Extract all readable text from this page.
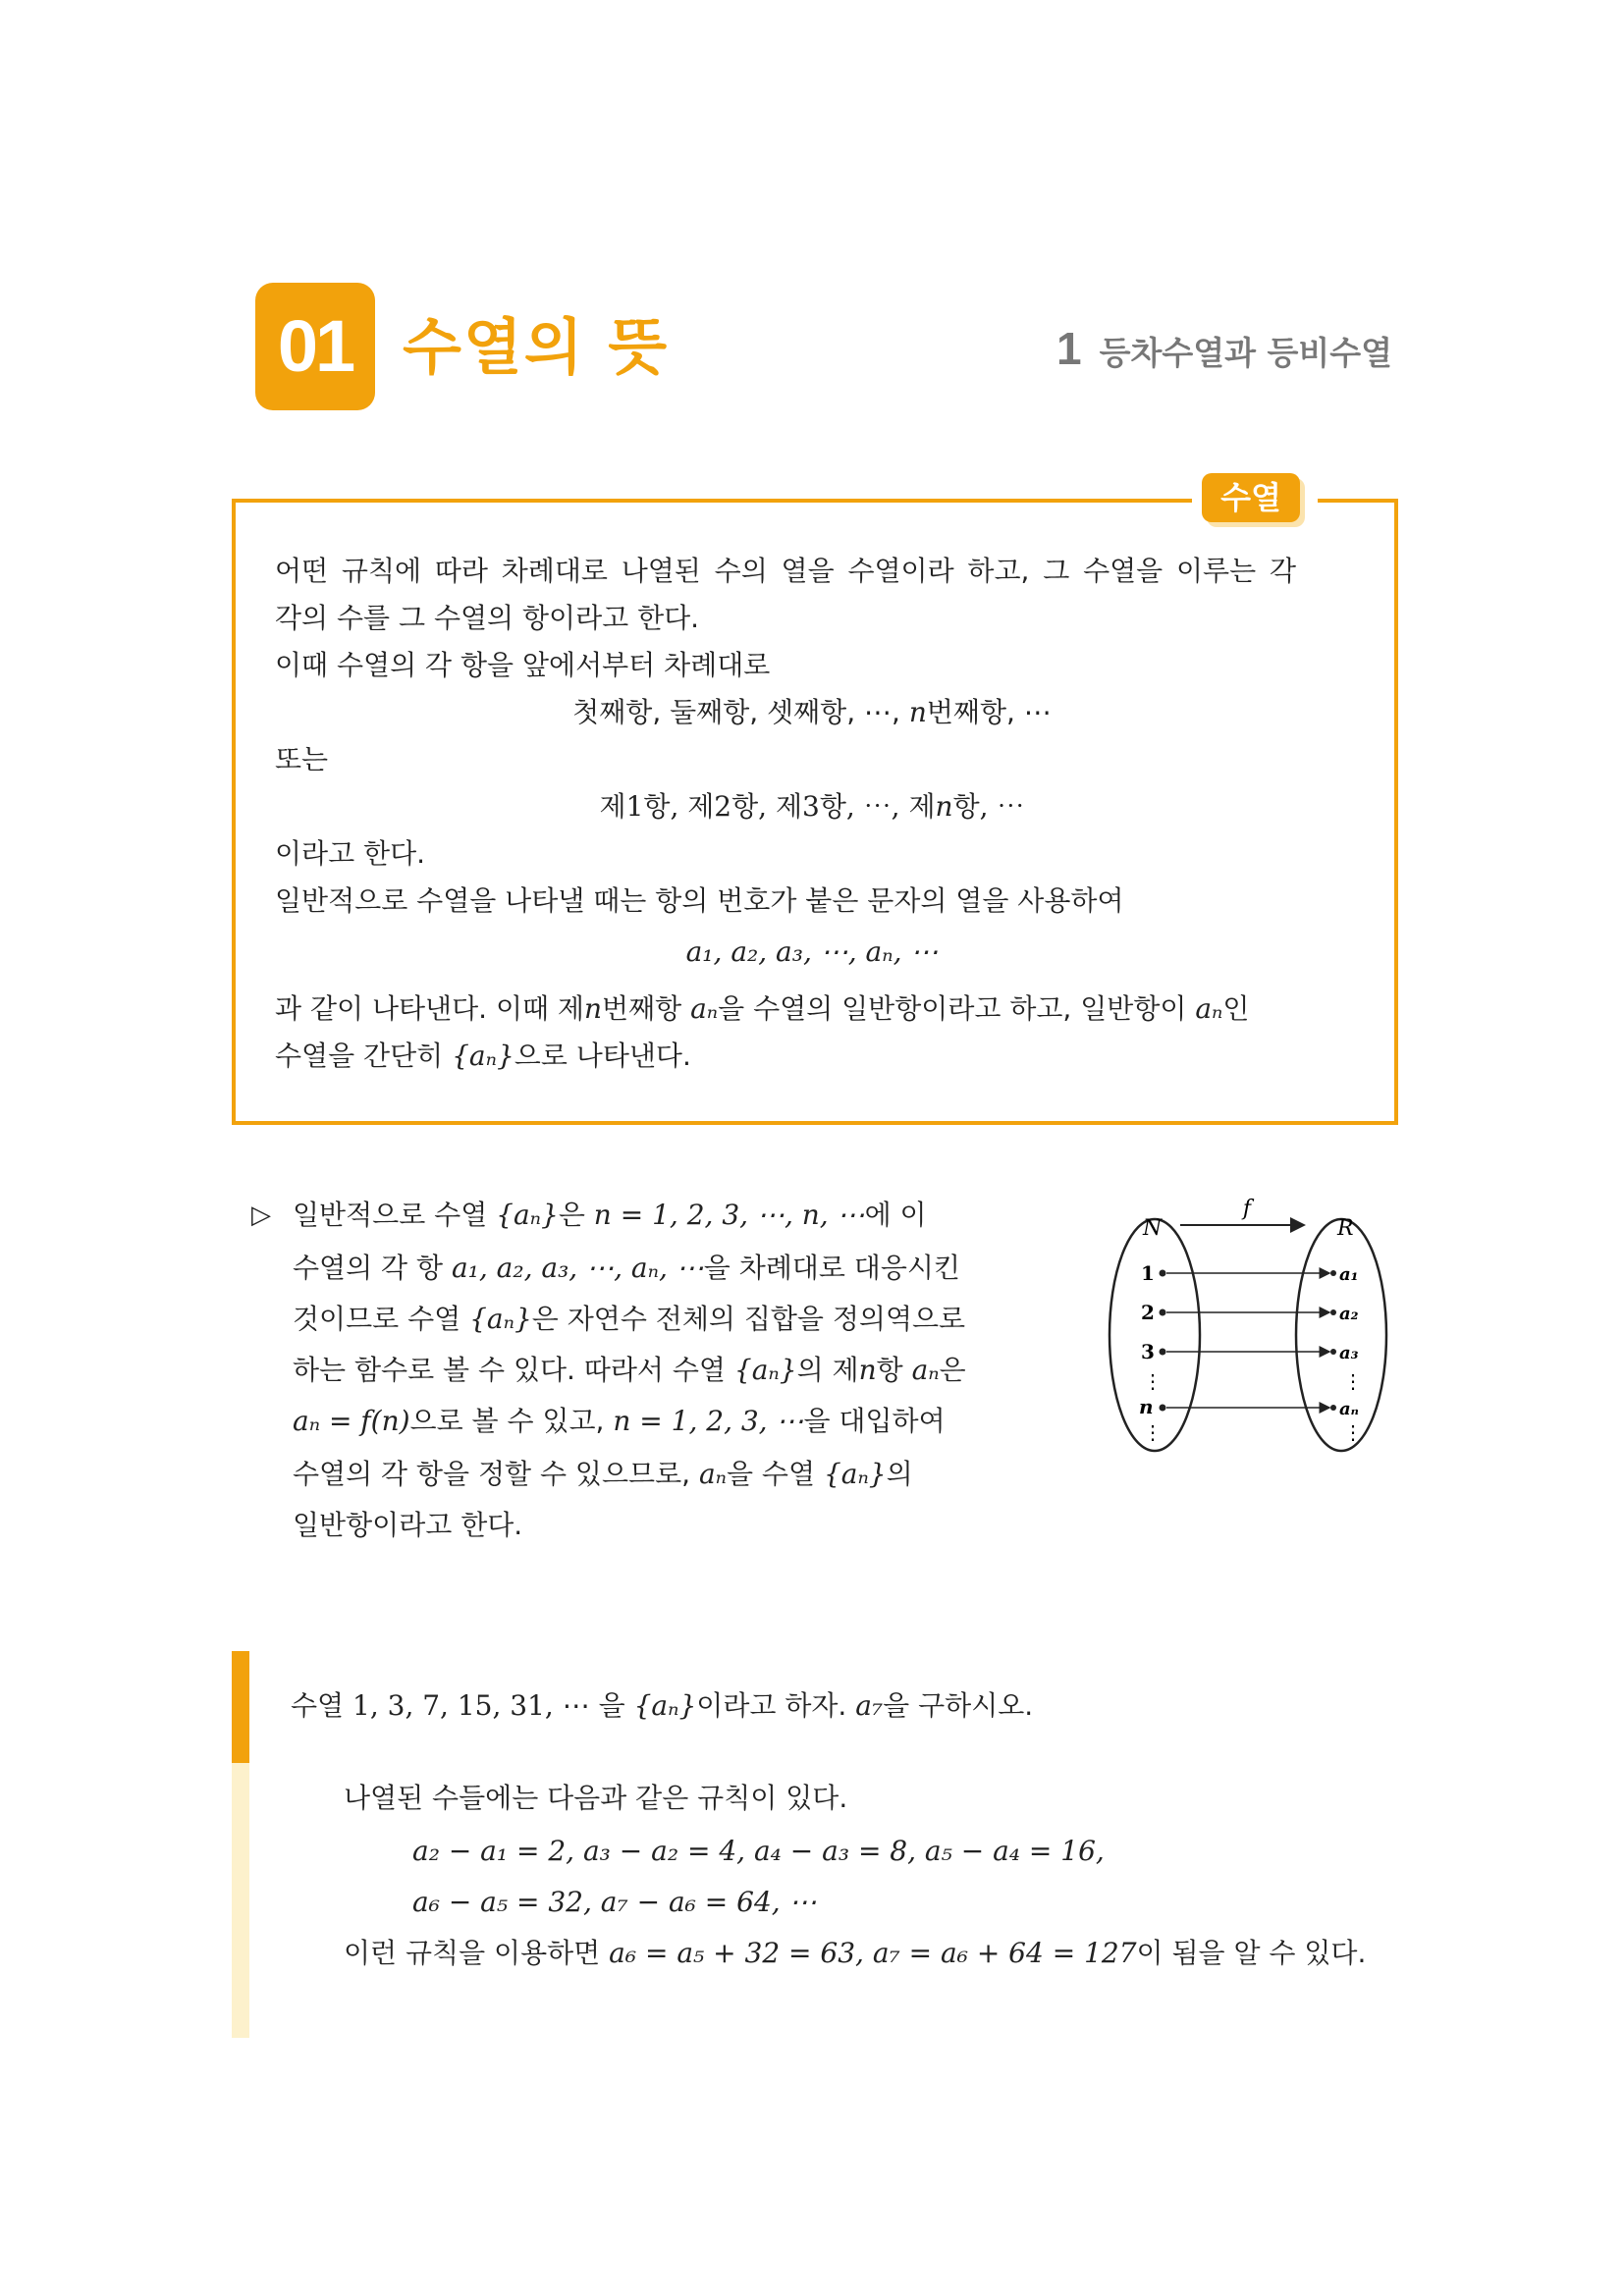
01 수열의 뜻	1 등차수열과 등비수열
수열
어떤 규칙에 따라 차례대로 나열된 수의 열을 수열이라 하고, 그 수열을 이루는 각
각의 수를 그 수열의 항이라고 한다.
이때 수열의 각 항을 앞에서부터 차례대로
첫째항, 둘째항, 셋째항, ⋯, n번째항, ⋯
또는
제1항, 제2항, 제3항, ⋯, 제n항, ⋯
이라고 한다.
일반적으로 수열을 나타낼 때는 항의 번호가 붙은 문자의 열을 사용하여
a₁, a₂, a₃, ⋯, aₙ, ⋯
과 같이 나타낸다. 이때 제n번째항 aₙ을 수열의 일반항이라고 하고, 일반항이 aₙ인
수열을 간단히 {aₙ}으로 나타낸다.
▷ 일반적으로 수열 {aₙ}은 n = 1, 2, 3, ⋯, n, ⋯에 이
수열의 각 항 a₁, a₂, a₃, ⋯, aₙ, ⋯을 차례대로 대응시킨
것이므로 수열 {aₙ}은 자연수 전체의 집합을 정의역으로
하는 함수로 볼 수 있다. 따라서 수열 {aₙ}의 제n항 aₙ은
aₙ = f(n)으로 볼 수 있고, n = 1, 2, 3, ⋯을 대입하여
수열의 각 항을 정할 수 있으므로, aₙ을 수열 {aₙ}의
일반항이라고 한다.
f
N	R
1	a₁
2	a₂
3	a₃
⋮	⋮
n	aₙ
⋮	⋮
수열 1, 3, 7, 15, 31, ⋯ 을 {aₙ}이라고 하자. a₇을 구하시오.
나열된 수들에는 다음과 같은 규칙이 있다.
a₂ − a₁ = 2, a₃ − a₂ = 4, a₄ − a₃ = 8, a₅ − a₄ = 16,
a₆ − a₅ = 32, a₇ − a₆ = 64, ⋯
이런 규칙을 이용하면 a₆ = a₅ + 32 = 63, a₇ = a₆ + 64 = 127이 됨을 알 수 있다.
